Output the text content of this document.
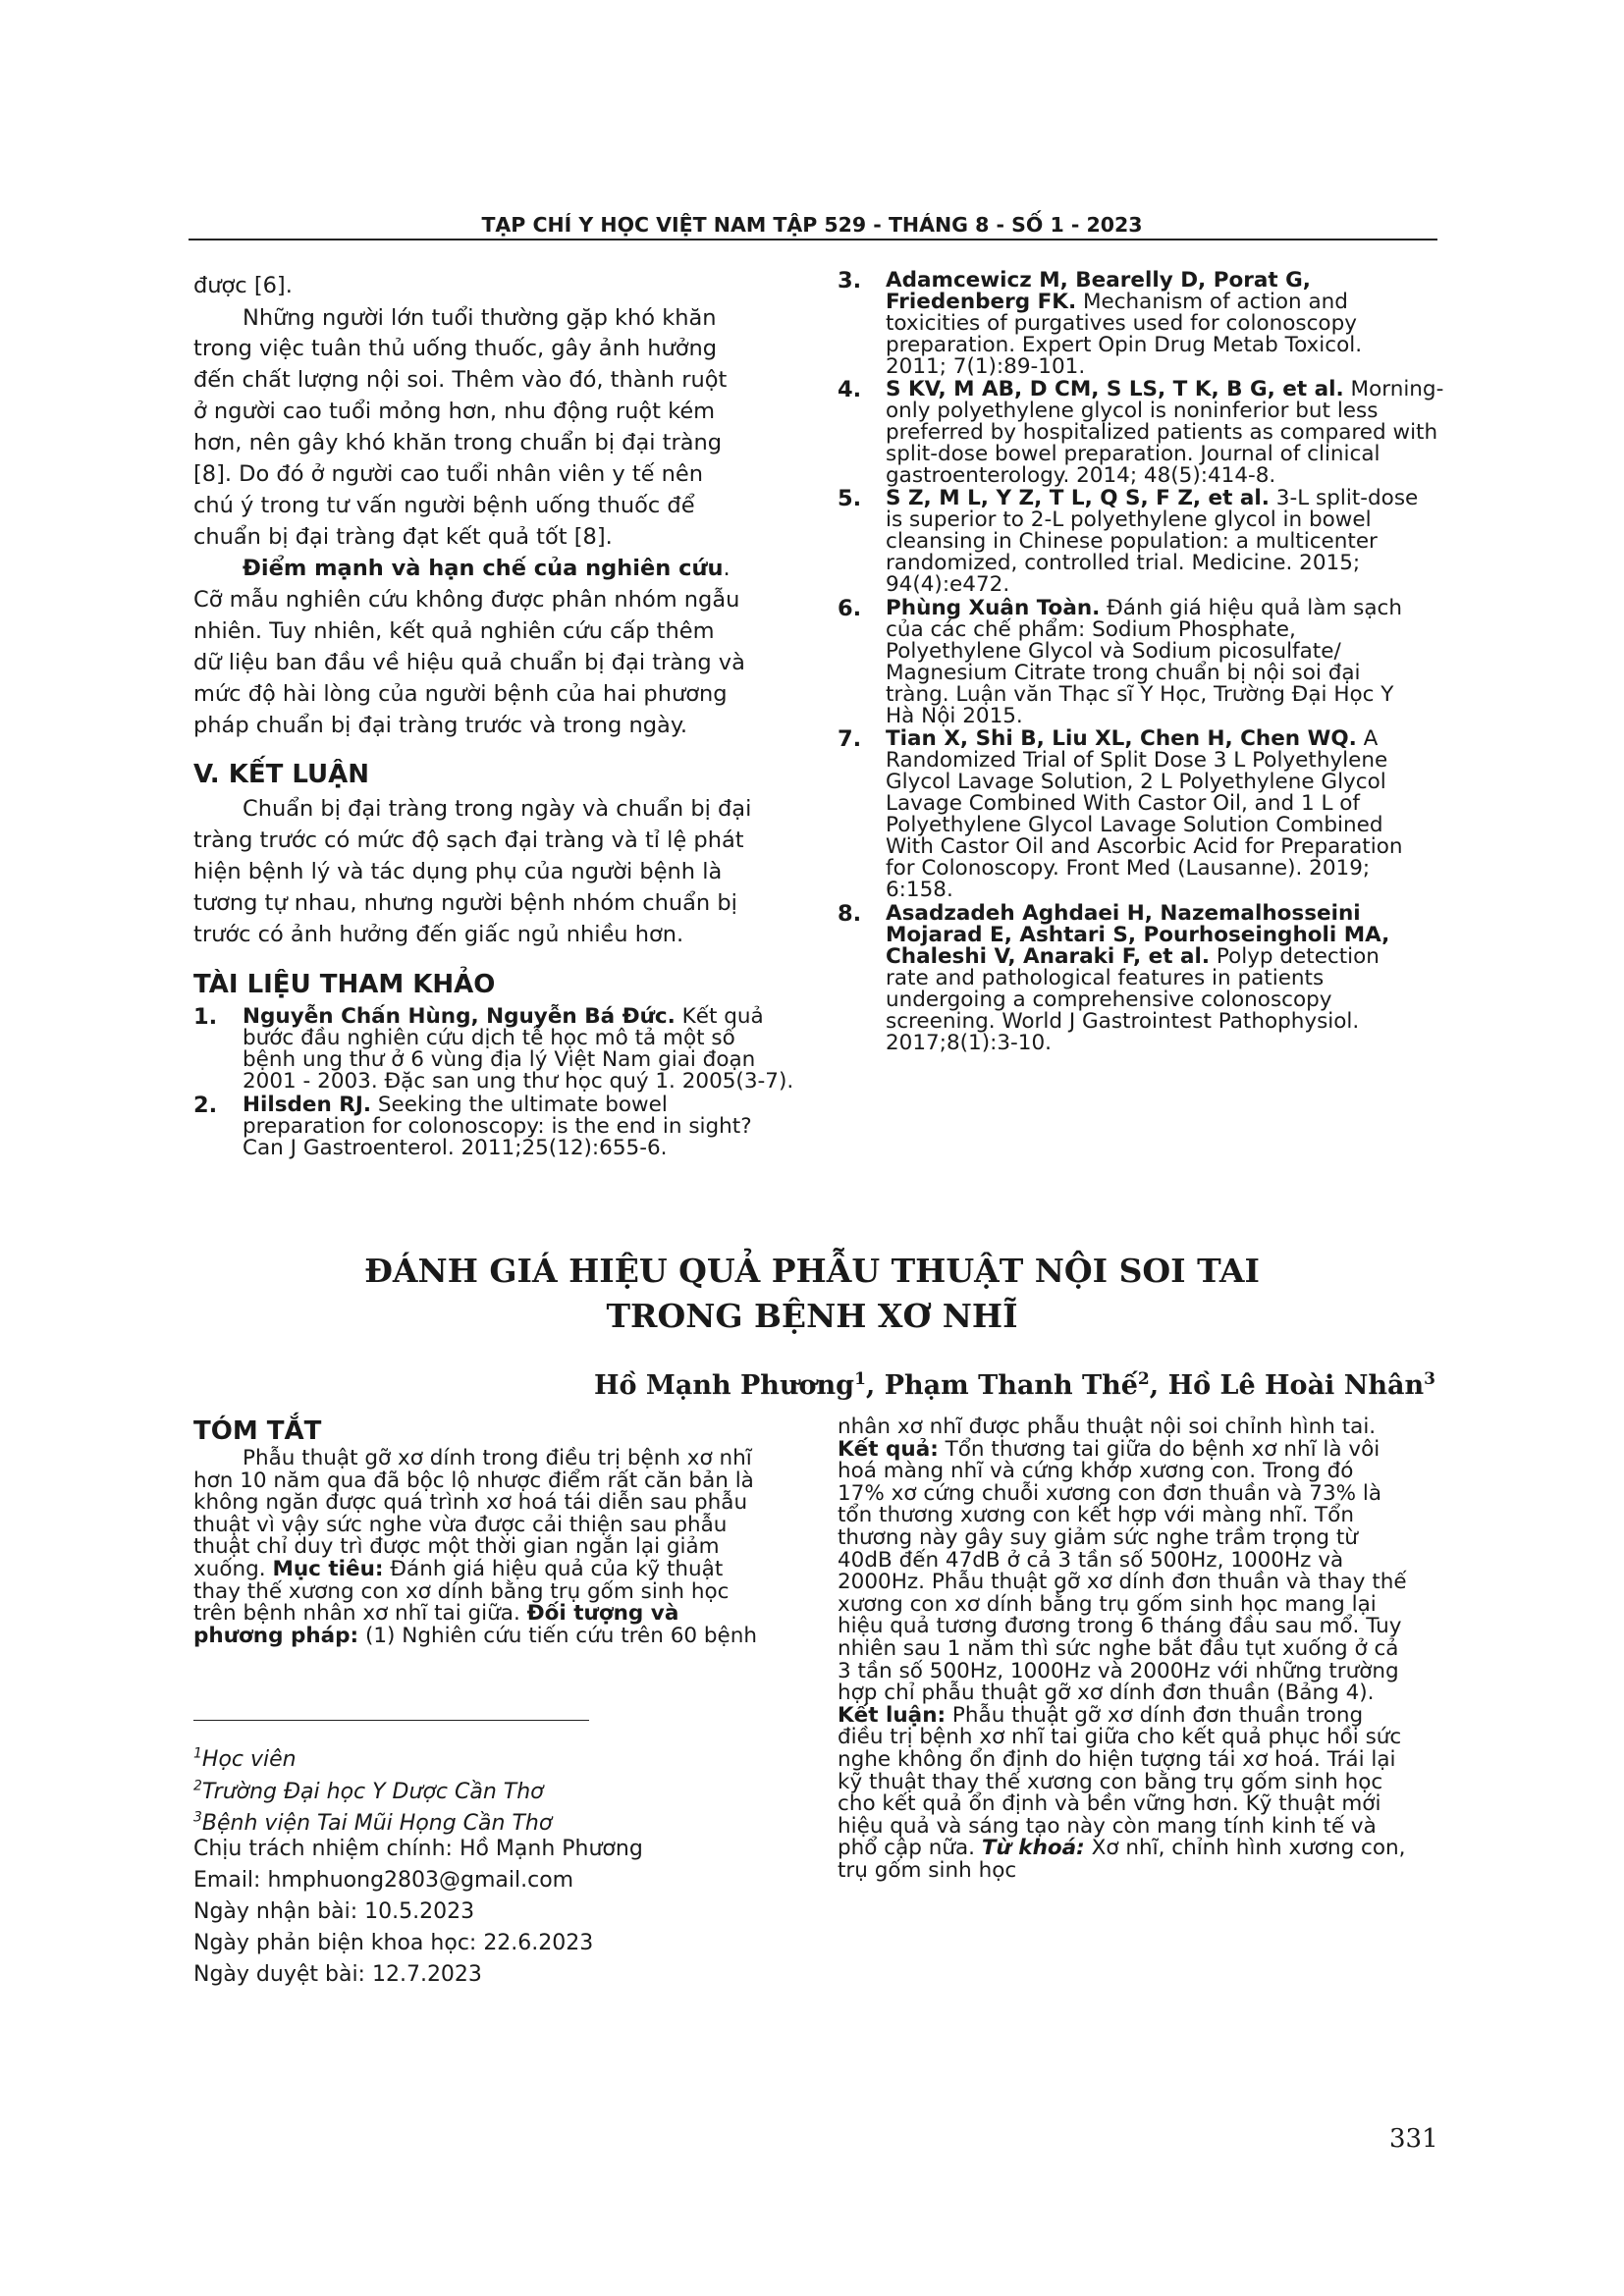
TẠP CHÍ Y HỌC VIỆT NAM TẬP 529 - THÁNG 8 - SỐ 1 - 2023
được [6].
Những người lớn tuổi thường gặp khó khăn
trong việc tuân thủ uống thuốc, gây ảnh hưởng
đến chất lượng nội soi. Thêm vào đó, thành ruột
ở người cao tuổi mỏng hơn, nhu động ruột kém
hơn, nên gây khó khăn trong chuẩn bị đại tràng
[8]. Do đó ở người cao tuổi nhân viên y tế nên
chú ý trong tư vấn người bệnh uống thuốc để
chuẩn bị đại tràng đạt kết quả tốt [8].
Điểm mạnh và hạn chế của nghiên cứu.
Cỡ mẫu nghiên cứu không được phân nhóm ngẫu
nhiên. Tuy nhiên, kết quả nghiên cứu cấp thêm
dữ liệu ban đầu về hiệu quả chuẩn bị đại tràng và
mức độ hài lòng của người bệnh của hai phương
pháp chuẩn bị đại tràng trước và trong ngày.
V. KẾT LUẬN
Chuẩn bị đại tràng trong ngày và chuẩn bị đại
tràng trước có mức độ sạch đại tràng và tỉ lệ phát
hiện bệnh lý và tác dụng phụ của người bệnh là
tương tự nhau, nhưng người bệnh nhóm chuẩn bị
trước có ảnh hưởng đến giấc ngủ nhiều hơn.
TÀI LIỆU THAM KHẢO
1. Nguyễn Chấn Hùng, Nguyễn Bá Đức. Kết quả
bước đầu nghiên cứu dịch tễ học mô tả một số
bệnh ung thư ở 6 vùng địa lý Việt Nam giai đoạn
2001 - 2003. Đặc san ung thư học quý 1. 2005(3-7).
2. Hilsden RJ. Seeking the ultimate bowel
preparation for colonoscopy: is the end in sight?
Can J Gastroenterol. 2011;25(12):655-6.
3. Adamcewicz M, Bearelly D, Porat G,
Friedenberg FK. Mechanism of action and
toxicities of purgatives used for colonoscopy
preparation. Expert Opin Drug Metab Toxicol.
2011; 7(1):89-101.
4. S KV, M AB, D CM, S LS, T K, B G, et al. Morning-
only polyethylene glycol is noninferior but less
preferred by hospitalized patients as compared with
split-dose bowel preparation. Journal of clinical
gastroenterology. 2014; 48(5):414-8.
5. S Z, M L, Y Z, T L, Q S, F Z, et al. 3-L split-dose
is superior to 2-L polyethylene glycol in bowel
cleansing in Chinese population: a multicenter
randomized, controlled trial. Medicine. 2015;
94(4):e472.
6. Phùng Xuân Toàn. Đánh giá hiệu quả làm sạch
của các chế phẩm: Sodium Phosphate,
Polyethylene Glycol và Sodium picosulfate/
Magnesium Citrate trong chuẩn bị nội soi đại
tràng. Luận văn Thạc sĩ Y Học, Trường Đại Học Y
Hà Nội 2015.
7. Tian X, Shi B, Liu XL, Chen H, Chen WQ. A
Randomized Trial of Split Dose 3 L Polyethylene
Glycol Lavage Solution, 2 L Polyethylene Glycol
Lavage Combined With Castor Oil, and 1 L of
Polyethylene Glycol Lavage Solution Combined
With Castor Oil and Ascorbic Acid for Preparation
for Colonoscopy. Front Med (Lausanne). 2019;
6:158.
8. Asadzadeh Aghdaei H, Nazemalhosseini
Mojarad E, Ashtari S, Pourhoseingholi MA,
Chaleshi V, Anaraki F, et al. Polyp detection
rate and pathological features in patients
undergoing a comprehensive colonoscopy
screening. World J Gastrointest Pathophysiol.
2017;8(1):3-10.
ĐÁNH GIÁ HIỆU QUẢ PHẪU THUẬT NỘI SOI TAI
TRONG BỆNH XƠ NHĨ
Hồ Mạnh Phương$^1$, Phạm Thanh Thế$^2$, Hồ Lê Hoài Nhân$^3$
TÓM TẮT
Phẫu thuật gỡ xơ dính trong điều trị bệnh xơ nhĩ
hơn 10 năm qua đã bộc lộ nhược điểm rất căn bản là
không ngăn được quá trình xơ hoá tái diễn sau phẫu
thuật vì vậy sức nghe vừa được cải thiện sau phẫu
thuật chỉ duy trì được một thời gian ngắn lại giảm
xuống. Mục tiêu: Đánh giá hiệu quả của kỹ thuật
thay thế xương con xơ dính bằng trụ gốm sinh học
trên bệnh nhân xơ nhĩ tai giữa. Đối tượng và
phương pháp: (1) Nghiên cứu tiến cứu trên 60 bệnh
nhân xơ nhĩ được phẫu thuật nội soi chỉnh hình tai.
Kết quả: Tổn thương tai giữa do bệnh xơ nhĩ là vôi
hoá màng nhĩ và cứng khớp xương con. Trong đó
17% xơ cứng chuỗi xương con đơn thuần và 73% là
tổn thương xương con kết hợp với màng nhĩ. Tổn
thương này gây suy giảm sức nghe trầm trọng từ
40dB đến 47dB ở cả 3 tần số 500Hz, 1000Hz và
2000Hz. Phẫu thuật gỡ xơ dính đơn thuần và thay thế
xương con xơ dính bằng trụ gốm sinh học mang lại
hiệu quả tương đương trong 6 tháng đầu sau mổ. Tuy
nhiên sau 1 năm thì sức nghe bắt đầu tụt xuống ở cả
3 tần số 500Hz, 1000Hz và 2000Hz với những trường
hợp chỉ phẫu thuật gỡ xơ dính đơn thuần (Bảng 4).
Kết luận: Phẫu thuật gỡ xơ dính đơn thuần trong
điều trị bệnh xơ nhĩ tai giữa cho kết quả phục hồi sức
nghe không ổn định do hiện tượng tái xơ hoá. Trái lại
kỹ thuật thay thế xương con bằng trụ gốm sinh học
cho kết quả ổn định và bền vững hơn. Kỹ thuật mới
hiệu quả và sáng tạo này còn mang tính kinh tế và
phổ cập nữa. Từ khoá: Xơ nhĩ, chỉnh hình xương con,
trụ gốm sinh học
$^1$Học viên
$^2$Trường Đại học Y Dược Cần Thơ
$^3$Bệnh viện Tai Mũi Họng Cần Thơ
Chịu trách nhiệm chính: Hồ Mạnh Phương
Email: hmphuong2803@gmail.com
Ngày nhận bài: 10.5.2023
Ngày phản biện khoa học: 22.6.2023
Ngày duyệt bài: 12.7.2023
331
